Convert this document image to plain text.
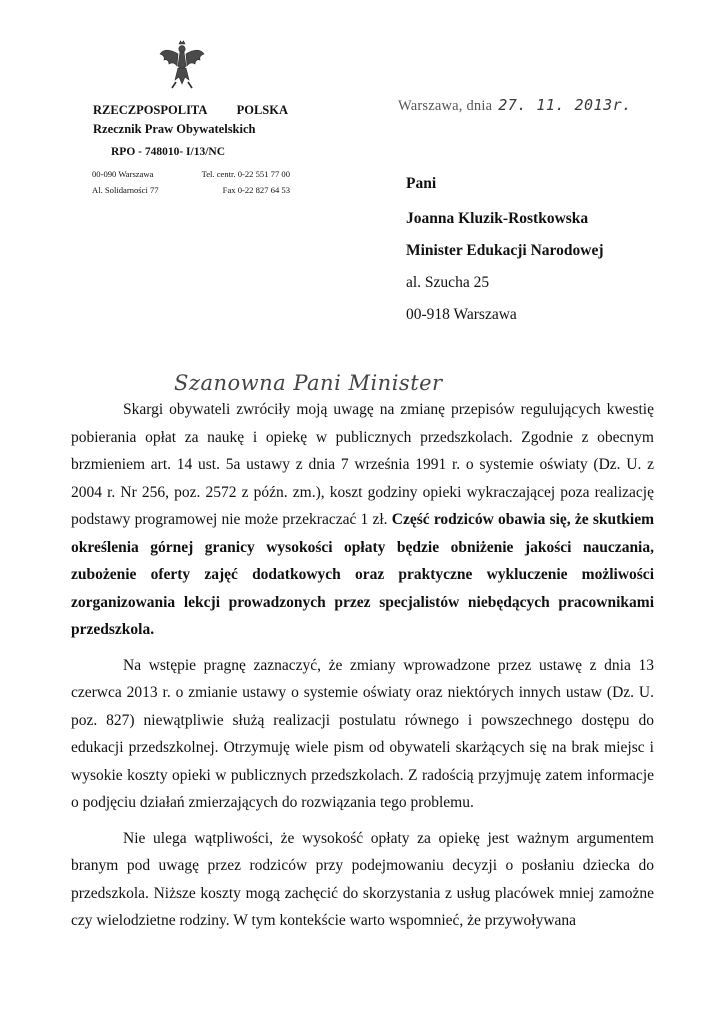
RZECZPOSPOLITA POLSKA
Rzecznik Praw Obywatelskich
RPO - 748010- I/13/NC
00-090 Warszawa	Tel. centr. 0-22 551 77 00
Al. Solidarności 77	Fax 0-22 827 64 53
Warszawa, dnia 27. 11. 2013r.
Pani
Joanna Kluzik-Rostkowska
Minister Edukacji Narodowej
al. Szucha 25
00-918 Warszawa
Szanowna Pani Minister

Skargi obywateli zwróciły moją uwagę na zmianę przepisów regulujących kwestię pobierania opłat za naukę i opiekę w publicznych przedszkolach. Zgodnie z obecnym brzmieniem art. 14 ust. 5a ustawy z dnia 7 września 1991 r. o systemie oświaty (Dz. U. z 2004 r. Nr 256, poz. 2572 z późn. zm.), koszt godziny opieki wykraczającej poza realizację podstawy programowej nie może przekraczać 1 zł. Część rodziców obawia się, że skutkiem określenia górnej granicy wysokości opłaty będzie obniżenie jakości nauczania, zubożenie oferty zajęć dodatkowych oraz praktyczne wykluczenie możliwości zorganizowania lekcji prowadzonych przez specjalistów niebędących pracownikami przedszkola.

Na wstępie pragnę zaznaczyć, że zmiany wprowadzone przez ustawę z dnia 13 czerwca 2013 r. o zmianie ustawy o systemie oświaty oraz niektórych innych ustaw (Dz. U. poz. 827) niewątpliwie służą realizacji postulatu równego i powszechnego dostępu do edukacji przedszkolnej. Otrzymuję wiele pism od obywateli skarżących się na brak miejsc i wysokie koszty opieki w publicznych przedszkolach. Z radością przyjmuję zatem informacje o podjęciu działań zmierzających do rozwiązania tego problemu.

Nie ulega wątpliwości, że wysokość opłaty za opiekę jest ważnym argumentem branym pod uwagę przez rodziców przy podejmowaniu decyzji o posłaniu dziecka do przedszkola. Niższe koszty mogą zachęcić do skorzystania z usług placówek mniej zamożne czy wielodzietne rodziny. W tym kontekście warto wspomnieć, że przywoływana
